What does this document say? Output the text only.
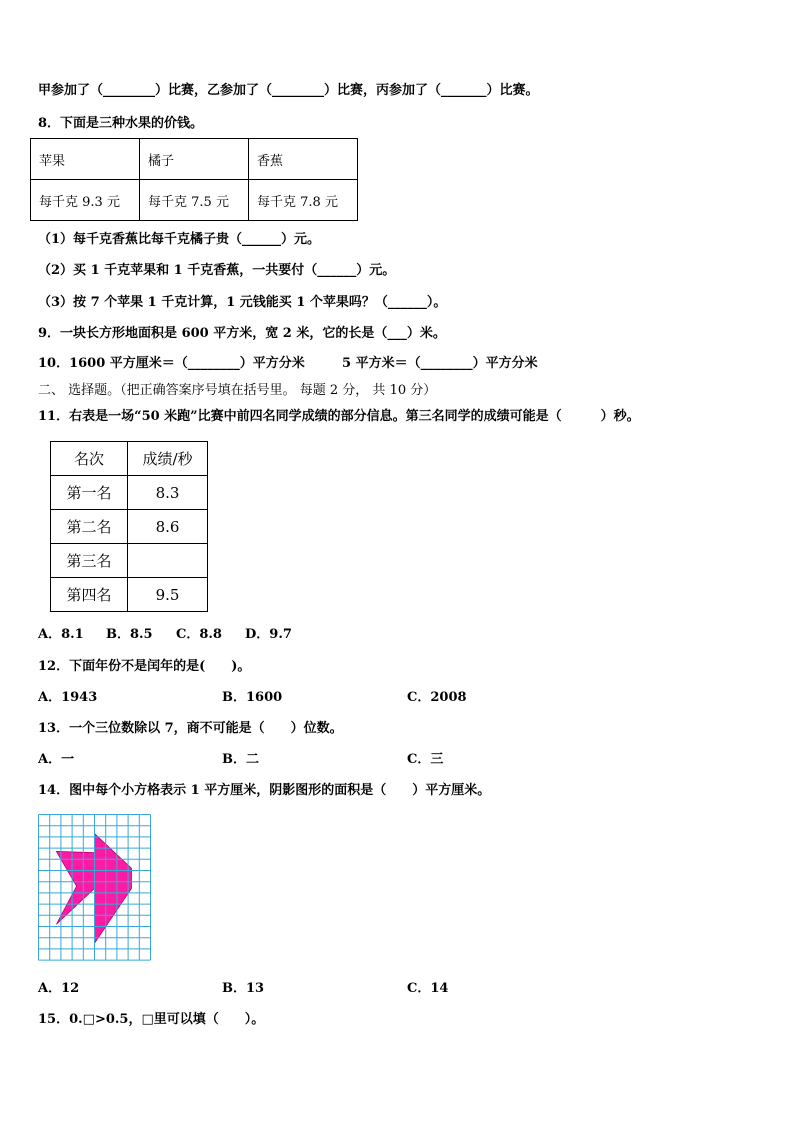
甲参加了（________）比赛，乙参加了（________）比赛，丙参加了（_______）比赛。
8．下面是三种水果的价钱。
苹果	橘子	香蕉
每千克 9.3 元	每千克 7.5 元	每千克 7.8 元
（1）每千克香蕉比每千克橘子贵（______）元。
（2）买 1 千克苹果和 1 千克香蕉，一共要付（______）元。
（3）按 7 个苹果 1 千克计算，1 元钱能买 1 个苹果吗？（______）。
9．一块长方形地面积是 600 平方米，宽 2 米，它的长是（___）米。
10．1600 平方厘米＝（________）平方分米	5 平方米＝（________）平方分米
二、 选择题。（把正确答案序号填在括号里。 每题 2 分， 共 10 分）
11．右表是一场“50 米跑”比赛中前四名同学成绩的部分信息。第三名同学的成绩可能是（　　　）秒。
名次	成绩/秒
第一名	8.3
第二名	8.6
第三名	
第四名	9.5
A．8.1 B．8.5 C．8.8 D．9.7
12．下面年份不是闰年的是(　　)。
A．1943	B．1600	C．2008
13．一个三位数除以 7，商不可能是（　　）位数。
A．一	B．二	C．三
14．图中每个小方格表示 1 平方厘米，阴影图形的面积是（　　）平方厘米。
A．12	B．13	C．14
15．0.□>0.5，□里可以填（　　）。
